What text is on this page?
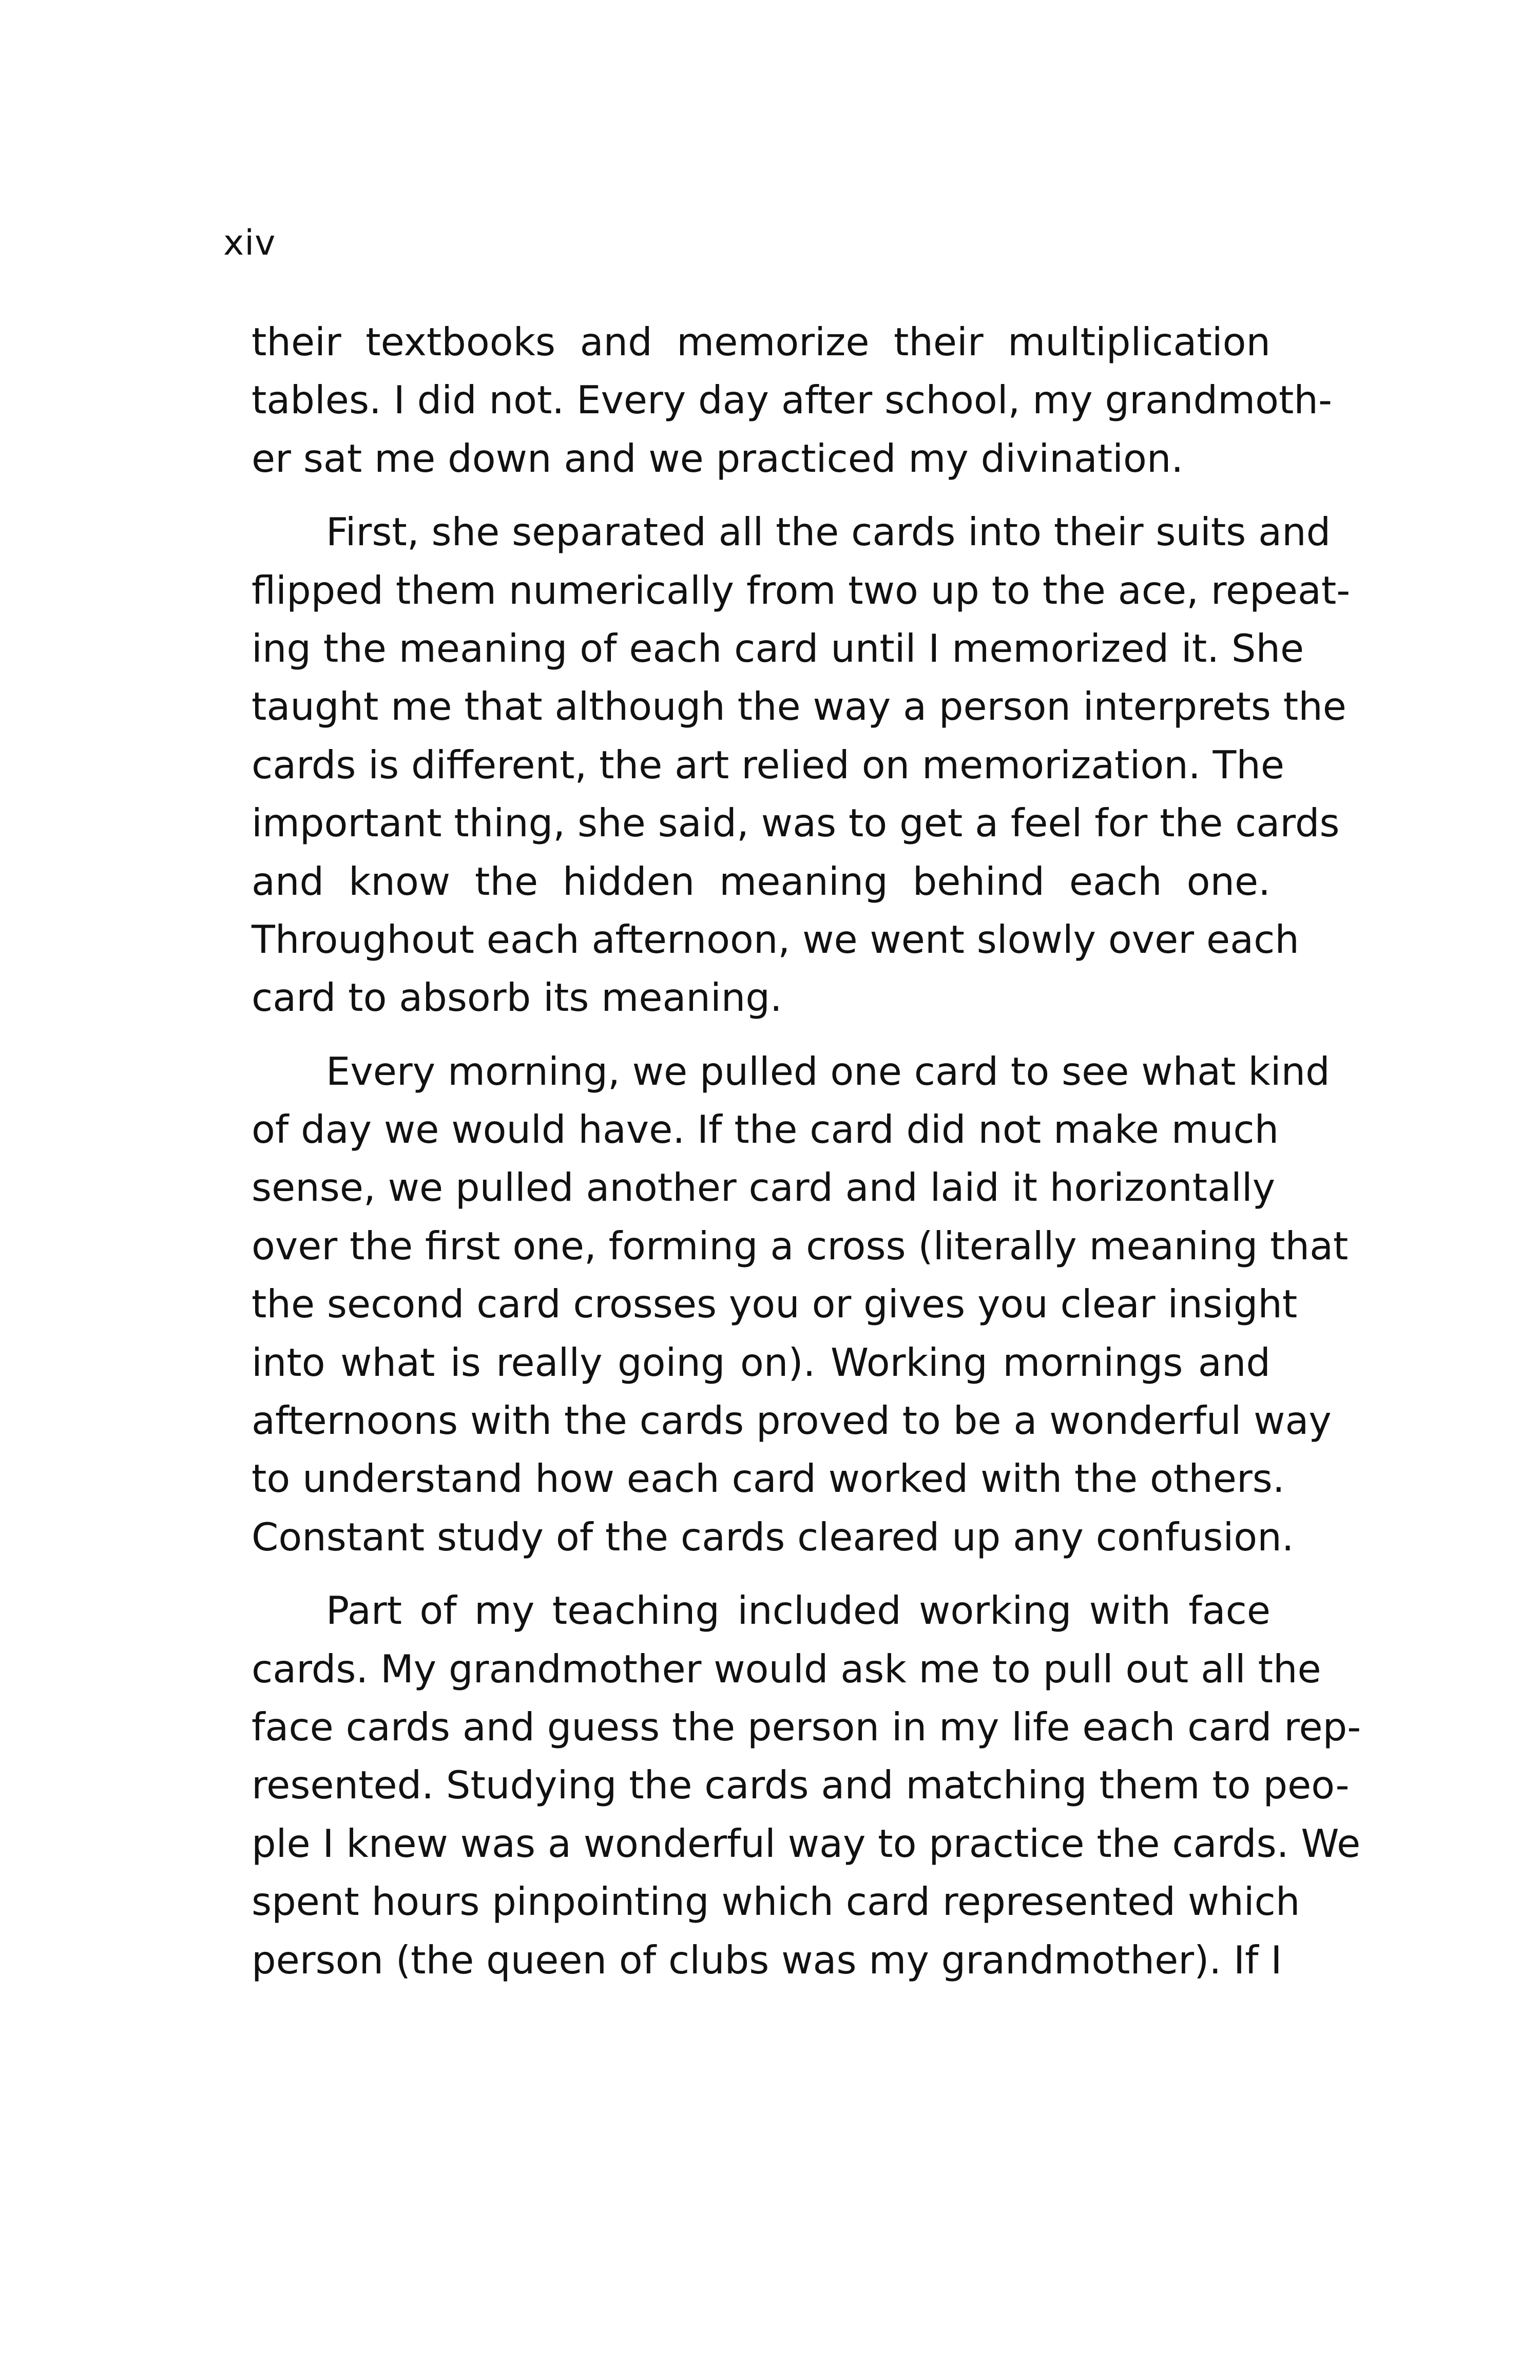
xiv
their textbooks and memorize their multiplication
tables. I did not. Every day after school, my grandmoth-
er sat me down and we practiced my divination.
First, she separated all the cards into their suits and
flipped them numerically from two up to the ace, repeat-
ing the meaning of each card until I memorized it. She
taught me that although the way a person interprets the
cards is different, the art relied on memorization. The
important thing, she said, was to get a feel for the cards
and know the hidden meaning behind each one.
Throughout each afternoon, we went slowly over each
card to absorb its meaning.
Every morning, we pulled one card to see what kind
of day we would have. If the card did not make much
sense, we pulled another card and laid it horizontally
over the first one, forming a cross (literally meaning that
the second card crosses you or gives you clear insight
into what is really going on). Working mornings and
afternoons with the cards proved to be a wonderful way
to understand how each card worked with the others.
Constant study of the cards cleared up any confusion.
Part of my teaching included working with face
cards. My grandmother would ask me to pull out all the
face cards and guess the person in my life each card rep-
resented. Studying the cards and matching them to peo-
ple I knew was a wonderful way to practice the cards. We
spent hours pinpointing which card represented which
person (the queen of clubs was my grandmother). If I
